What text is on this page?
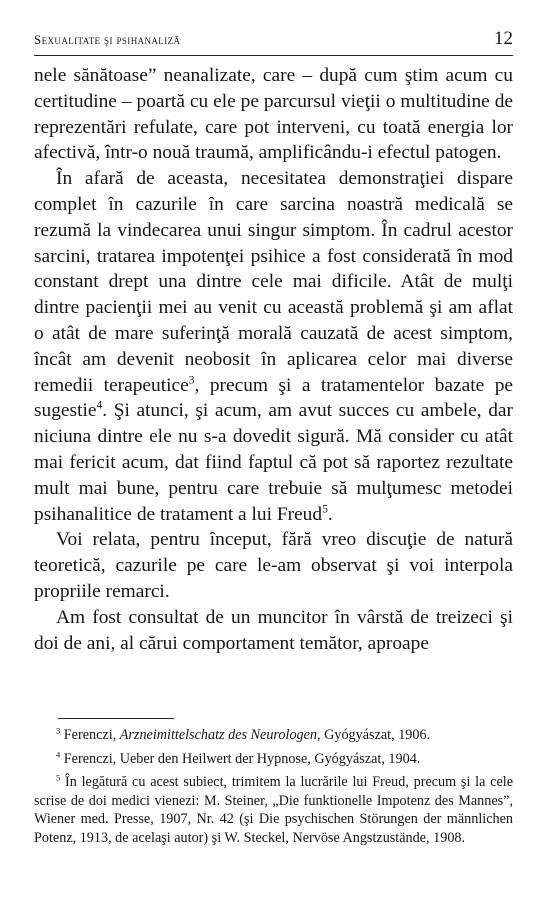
Sexualitate şi psihanaliză	12

nele sănătoase” neanalizate, care – după cum ştim acum cu certitudine – poartă cu ele pe parcursul vieţii o multitudine de reprezentări refulate, care pot interveni, cu toată energia lor afectivă, într-o nouă traumă, amplificându-i efectul patogen.

În afară de aceasta, necesitatea demonstraţiei dispare complet în cazurile în care sarcina noastră medicală se rezumă la vindecarea unui singur simptom. În cadrul acestor sarcini, tratarea impotenţei psihice a fost considerată în mod constant drept una dintre cele mai dificile. Atât de mulţi dintre pacienţii mei au venit cu această problemă şi am aflat o atât de mare suferinţă morală cauzată de acest simptom, încât am devenit neobosit în aplicarea celor mai diverse remedii terapeutice$^3$, precum şi a tratamentelor bazate pe sugestie$^4$. Şi atunci, şi acum, am avut succes cu ambele, dar niciuna dintre ele nu s-a dovedit sigură. Mă consider cu atât mai fericit acum, dat fiind faptul că pot să raportez rezultate mult mai bune, pentru care trebuie să mulţumesc metodei psihanalitice de tratament a lui Freud$^5$.

Voi relata, pentru început, fără vreo discuţie de natură teoretică, cazurile pe care le-am observat şi voi interpola propriile remarci.

Am fost consultat de un muncitor în vârstă de treizeci şi doi de ani, al cărui comportament temător, aproape

$^3$ Ferenczi, Arzneimittelschatz des Neurologen, Gyógyászat, 1906.

$^4$ Ferenczi, Ueber den Heilwert der Hypnose, Gyógyászat, 1904.

$^5$ În legătură cu acest subiect, trimitem la lucrările lui Freud, precum şi la cele scrise de doi medici vienezi: M. Steiner, „Die funktionelle Impotenz des Mannes”, Wiener med. Presse, 1907, Nr. 42 (şi Die psychischen Störungen der männlichen Potenz, 1913, de acelaşi autor) şi W. Steckel, Nervöse Angstzustände, 1908.
